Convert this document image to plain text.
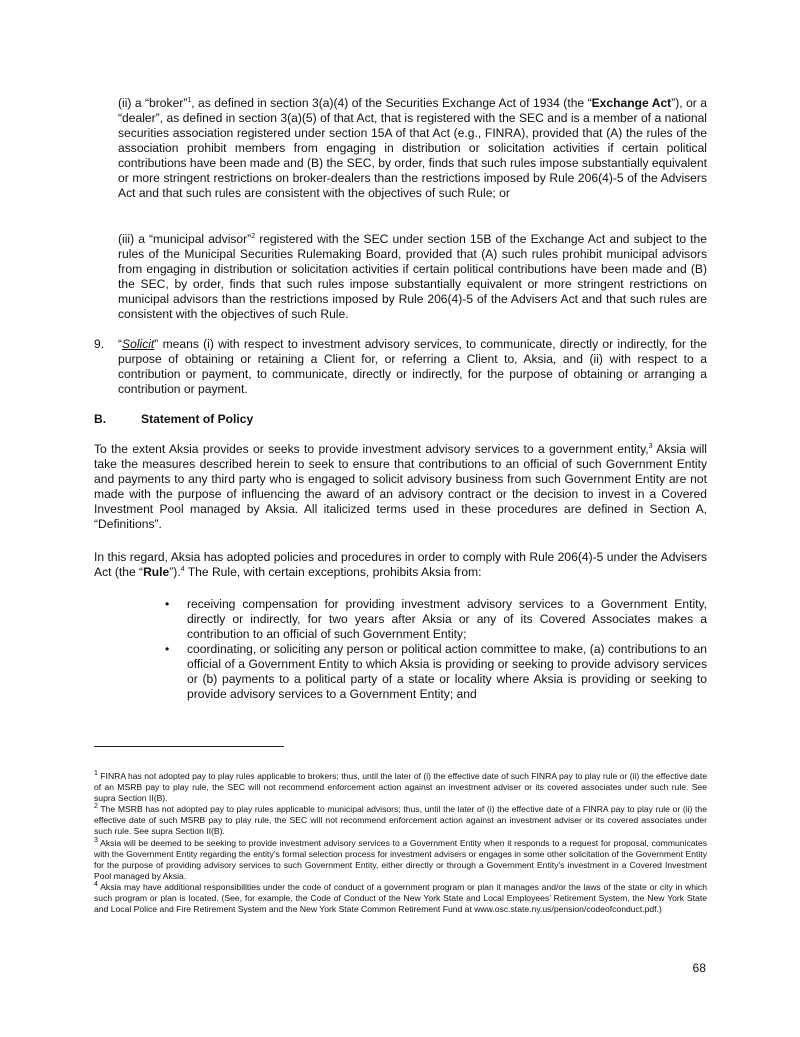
(ii) a “broker”$^1$, as defined in section 3(a)(4) of the Securities Exchange Act of 1934 (the “Exchange Act”), or a “dealer”, as defined in section 3(a)(5) of that Act, that is registered with the SEC and is a member of a national securities association registered under section 15A of that Act (e.g., FINRA), provided that (A) the rules of the association prohibit members from engaging in distribution or solicitation activities if certain political contributions have been made and (B) the SEC, by order, finds that such rules impose substantially equivalent or more stringent restrictions on broker-dealers than the restrictions imposed by Rule 206(4)-5 of the Advisers Act and that such rules are consistent with the objectives of such Rule; or

(iii) a “municipal advisor”$^2$ registered with the SEC under section 15B of the Exchange Act and subject to the rules of the Municipal Securities Rulemaking Board, provided that (A) such rules prohibit municipal advisors from engaging in distribution or solicitation activities if certain political contributions have been made and (B) the SEC, by order, finds that such rules impose substantially equivalent or more stringent restrictions on municipal advisors than the restrictions imposed by Rule 206(4)-5 of the Advisers Act and that such rules are consistent with the objectives of such Rule.

9. “Solicit” means (i) with respect to investment advisory services, to communicate, directly or indirectly, for the purpose of obtaining or retaining a Client for, or referring a Client to, Aksia, and (ii) with respect to a contribution or payment, to communicate, directly or indirectly, for the purpose of obtaining or arranging a contribution or payment.

B.	Statement of Policy

To the extent Aksia provides or seeks to provide investment advisory services to a government entity,$^3$ Aksia will take the measures described herein to seek to ensure that contributions to an official of such Government Entity and payments to any third party who is engaged to solicit advisory business from such Government Entity are not made with the purpose of influencing the award of an advisory contract or the decision to invest in a Covered Investment Pool managed by Aksia. All italicized terms used in these procedures are defined in Section A, “Definitions”.

In this regard, Aksia has adopted policies and procedures in order to comply with Rule 206(4)-5 under the Advisers Act (the “Rule”).$^4$ The Rule, with certain exceptions, prohibits Aksia from:

• receiving compensation for providing investment advisory services to a Government Entity, directly or indirectly, for two years after Aksia or any of its Covered Associates makes a contribution to an official of such Government Entity;
• coordinating, or soliciting any person or political action committee to make, (a) contributions to an official of a Government Entity to which Aksia is providing or seeking to provide advisory services or (b) payments to a political party of a state or locality where Aksia is providing or seeking to provide advisory services to a Government Entity; and

$^1$ FINRA has not adopted pay to play rules applicable to brokers; thus, until the later of (i) the effective date of such FINRA pay to play rule or (ii) the effective date of an MSRB pay to play rule, the SEC will not recommend enforcement action against an investment adviser or its covered associates under such rule. See supra Section II(B).

$^2$ The MSRB has not adopted pay to play rules applicable to municipal advisors; thus, until the later of (i) the effective date of a FINRA pay to play rule or (ii) the effective date of such MSRB pay to play rule, the SEC will not recommend enforcement action against an investment adviser or its covered associates under such rule. See supra Section II(B).

$^3$ Aksia will be deemed to be seeking to provide investment advisory services to a Government Entity when it responds to a request for proposal, communicates with the Government Entity regarding the entity’s formal selection process for investment advisers or engages in some other solicitation of the Government Entity for the purpose of providing advisory services to such Government Entity, either directly or through a Government Entity’s investment in a Covered Investment Pool managed by Aksia.

$^4$ Aksia may have additional responsibilities under the code of conduct of a government program or plan it manages and/or the laws of the state or city in which such program or plan is located. (See, for example, the Code of Conduct of the New York State and Local Employees’ Retirement System, the New York State and Local Police and Fire Retirement System and the New York State Common Retirement Fund at www.osc.state.ny.us/pension/codeofconduct.pdf.)

68
